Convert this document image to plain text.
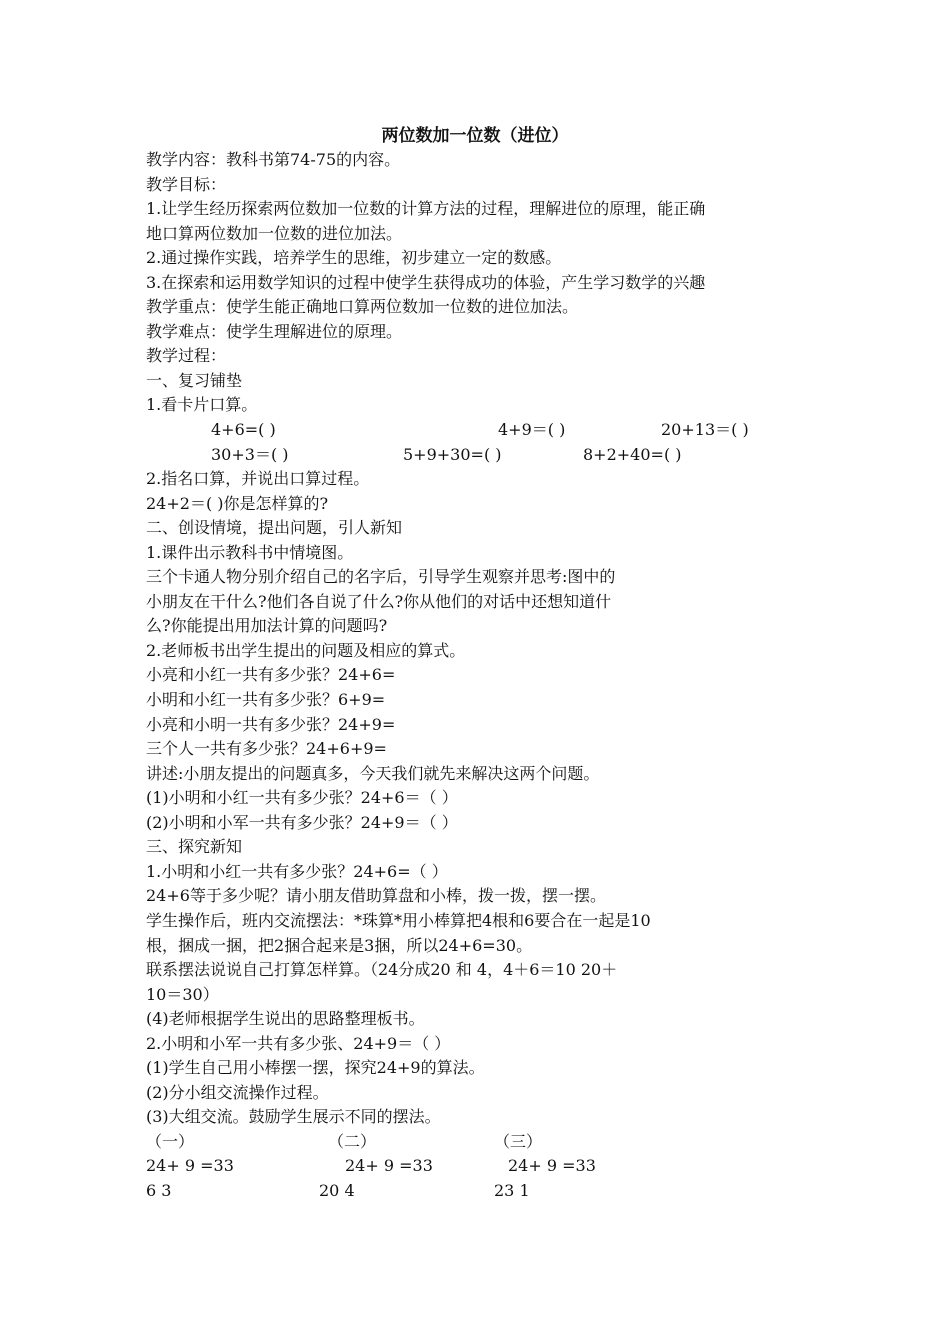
两位数加一位数（进位）
教学内容：教科书第74-75的内容。
教学目标：
1.让学生经历探索两位数加一位数的计算方法的过程，理解进位的原理，能正确
地口算两位数加一位数的进位加法。
2.通过操作实践，培养学生的思维，初步建立一定的数感。
3.在探索和运用数学知识的过程中使学生获得成功的体验，产生学习数学的兴趣
教学重点：使学生能正确地口算两位数加一位数的进位加法。
教学难点：使学生理解进位的原理。
教学过程：
一、复习铺垫
1.看卡片口算。
4+6=( )	4+9＝( )	20+13＝( )
30+3＝( )	5+9+30=( )	8+2+40=( )
2.指名口算，并说出口算过程。
24+2＝( )你是怎样算的?
二、创设情境，提出问题，引人新知
1.课件出示教科书中情境图。
三个卡通人物分别介绍自己的名字后，引导学生观察并思考:图中的
小朋友在干什么?他们各自说了什么?你从他们的对话中还想知道什
么?你能提出用加法计算的问题吗?
2.老师板书出学生提出的问题及相应的算式。
小亮和小红一共有多少张？24+6=
小明和小红一共有多少张？6+9=
小亮和小明一共有多少张？24+9=
三个人一共有多少张？24+6+9=
讲述:小朋友提出的问题真多，今天我们就先来解决这两个问题。
(1)小明和小红一共有多少张？24+6＝（ ）
(2)小明和小军一共有多少张？24+9＝（ ）
三、探究新知
1.小明和小红一共有多少张？24+6=（ ）
24+6等于多少呢？请小朋友借助算盘和小棒，拨一拨，摆一摆。
学生操作后，班内交流摆法：*珠算*用小棒算把4根和6要合在一起是10
根，捆成一捆，把2捆合起来是3捆，所以24+6=30。
联系摆法说说自己打算怎样算。（24分成20 和 4，4＋6＝10 20＋
10＝30）
(4)老师根据学生说出的思路整理板书。
2.小明和小军一共有多少张、24+9＝（ ）
(1)学生自己用小棒摆一摆，探究24+9的算法。
(2)分小组交流操作过程。
(3)大组交流。鼓励学生展示不同的摆法。
（一）	（二）	（三）
24+ 9 =33	24+ 9 =33	24+ 9 =33
6 3	20 4	23 1
